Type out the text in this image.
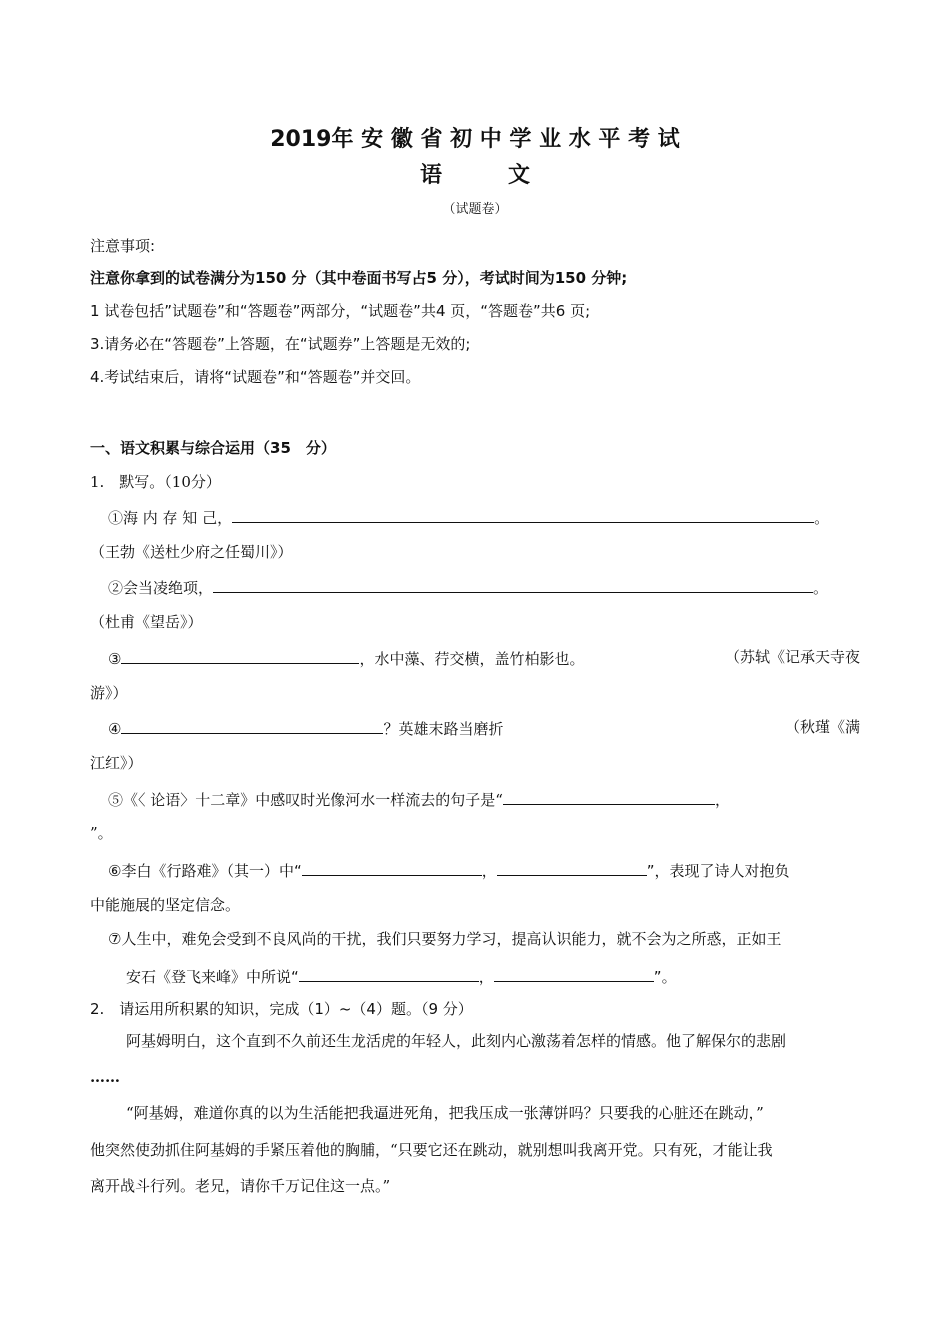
2019年 安 徽 省 初 中 学 业 水 平 考 试
语　　　文
（试题卷）
注意事项:
注意你拿到的试卷满分为150 分（其中卷面书写占5 分），考试时间为150 分钟;
1 试卷包括”试题卷”和“答题卷”两部分，“试题卷”共4 页，“答题卷”共6 页;
3.请务必在“答题卷”上答题，在“试题券”上答题是无效的;
4.考试结束后，请将“试题卷”和“答题卷”并交回。
一、语文积累与综合运用（35　分）
1.　默写。（10分）
①海 内 存 知 己，	。
（王勃《送杜少府之任蜀川》）
②会当凌绝项，	。
（杜甫《望岳》）
③	，水中藻、荇交横，盖竹柏影也。	（苏轼《记承天寺夜
游》）
④	？英雄末路当磨折	（秋瑾《满
江红》）
⑤《〈 论语〉十二章》中感叹时光像河水一样流去的句子是“	，
”。
⑥李白《行路难》（其一）中“	，	”，表现了诗人对抱负
中能施展的坚定信念。
⑦人生中，难免会受到不良风尚的干扰，我们只要努力学习，提高认识能力，就不会为之所惑，正如王
安石《登飞来峰》中所说“	，	”。
2.　请运用所积累的知识，完成（1）~（4）题。（9 分）
阿基姆明白，这个直到不久前还生龙活虎的年轻人，此刻内心激荡着怎样的情感。他了解保尔的悲剧
……
“阿基姆，难道你真的以为生活能把我逼进死角，把我压成一张薄饼吗？只要我的心脏还在跳动，”
他突然使劲抓住阿基姆的手紧压着他的胸脯，“只要它还在跳动，就别想叫我离开党。只有死，才能让我
离开战斗行列。老兄，请你千万记住这一点。”
